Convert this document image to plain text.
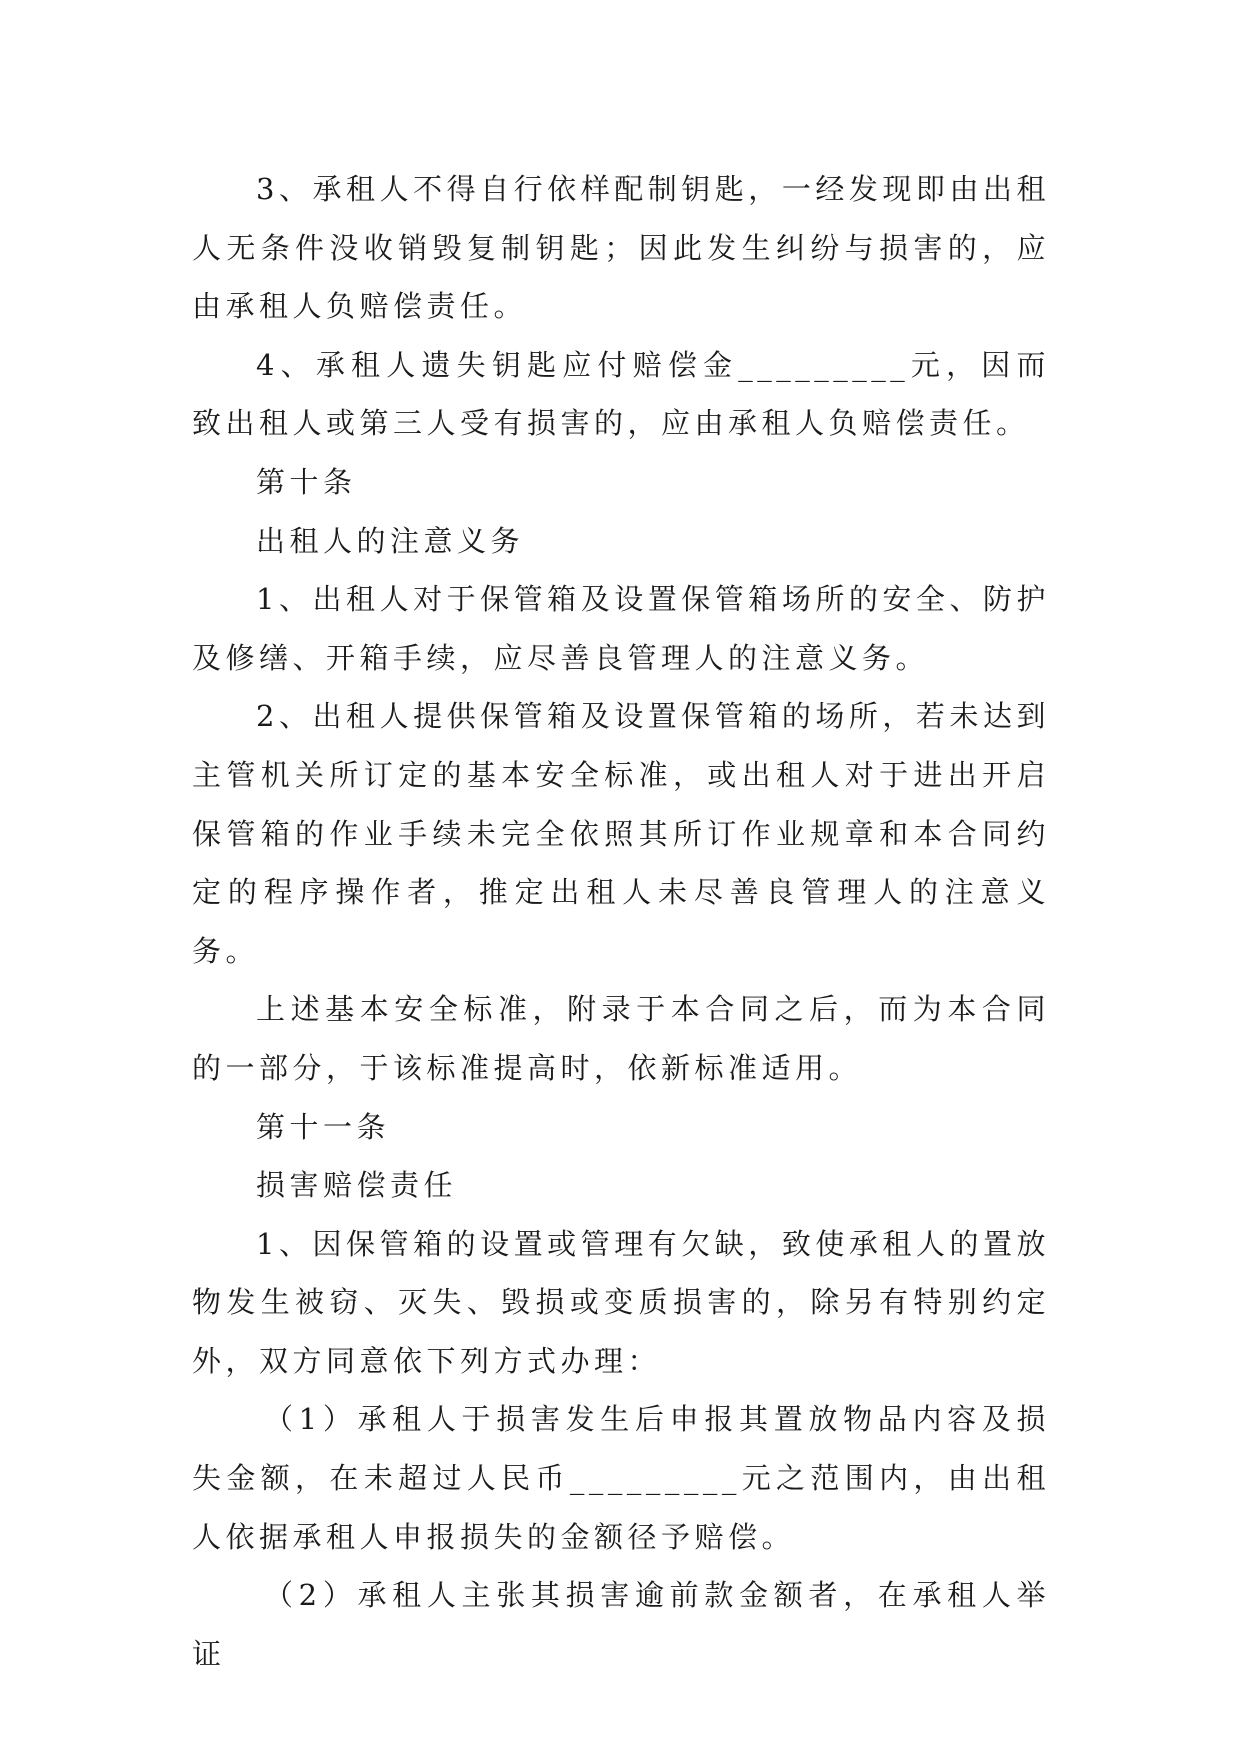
3、承租人不得自行依样配制钥匙，一经发现即由出租人无条件没收销毁复制钥匙；因此发生纠纷与损害的，应由承租人负赔偿责任。

4、承租人遗失钥匙应付赔偿金_________元，因而致出租人或第三人受有损害的，应由承租人负赔偿责任。

第十条

出租人的注意义务

1、出租人对于保管箱及设置保管箱场所的安全、防护及修缮、开箱手续，应尽善良管理人的注意义务。

2、出租人提供保管箱及设置保管箱的场所，若未达到主管机关所订定的基本安全标准，或出租人对于进出开启保管箱的作业手续未完全依照其所订作业规章和本合同约定的程序操作者，推定出租人未尽善良管理人的注意义务。

上述基本安全标准，附录于本合同之后，而为本合同的一部分，于该标准提高时，依新标准适用。

第十一条

损害赔偿责任

1、因保管箱的设置或管理有欠缺，致使承租人的置放物发生被窃、灭失、毁损或变质损害的，除另有特别约定外，双方同意依下列方式办理：

（1）承租人于损害发生后申报其置放物品内容及损失金额，在未超过人民币_________元之范围内，由出租人依据承租人申报损失的金额径予赔偿。

（2）承租人主张其损害逾前款金额者，在承租人举证
